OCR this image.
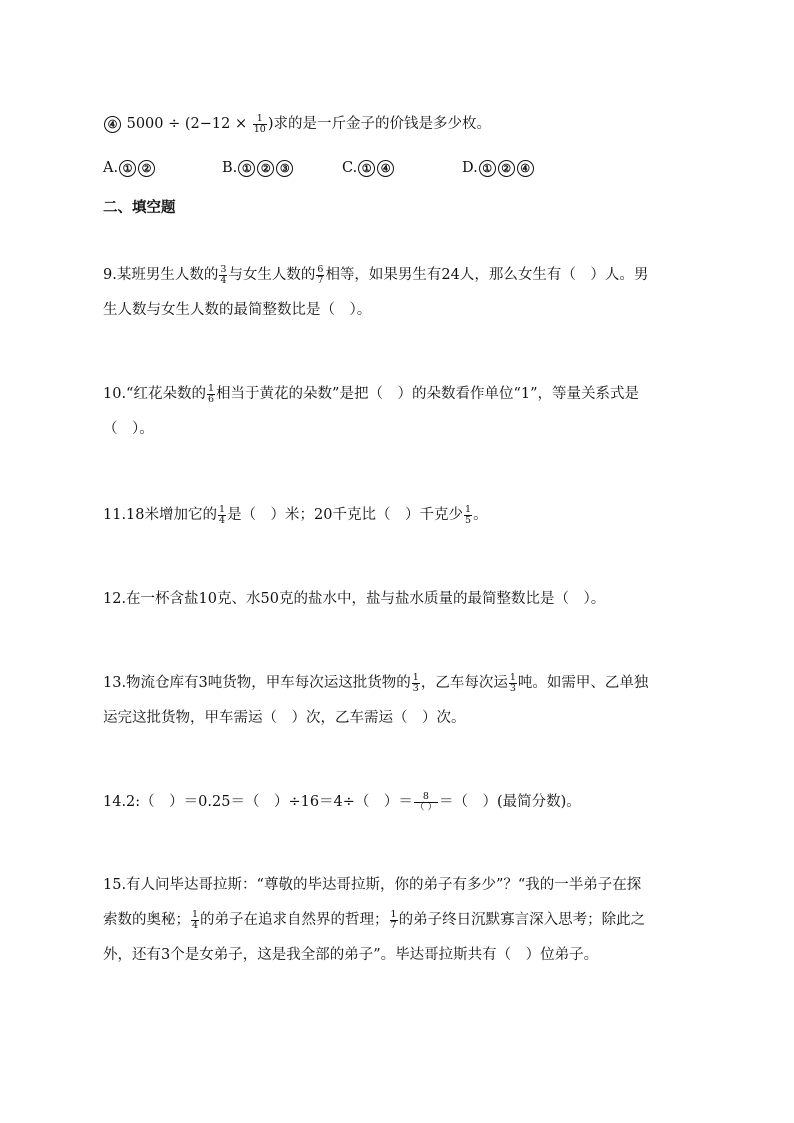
④ $5000 \div (2-12 \times \frac{1}{10}$ )求的是一斤金子的价钱是多少枚。
A. ① ②	B. ① ② ③	C. ① ④	D. ① ② ④
二、填空题
9.某班男生人数的 $\frac{3}{4}$ 与女生人数的 $\frac{6}{7}$ 相等，如果男生有24人，那么女生有（　）人。男
生人数与女生人数的最简整数比是（　）。
10.“红花朵数的 $\frac{1}{6}$ 相当于黄花的朵数”是把（　）的朵数看作单位“1”，等量关系式是
（　）。
11.18米增加它的 $\frac{1}{4}$ 是（　）米；20千克比（　）千克少 $\frac{1}{5}$ 。
12.在一杯含盐10克、水50克的盐水中，盐与盐水质量的最简整数比是（　）。
13.物流仓库有3吨货物，甲车每次运这批货物的 $\frac{1}{3}$ ，乙车每次运 $\frac{1}{3}$ 吨。如需甲、乙单独
运完这批货物，甲车需运（　）次，乙车需运（　）次。
14.2:（　）＝0.25＝（　）÷16＝4÷（　）＝ $\frac{8}{( )}$ ＝（　）(最简分数)。
15.有人问毕达哥拉斯：“尊敬的毕达哥拉斯，你的弟子有多少”？“我的一半弟子在探
索数的奥秘； $\frac{1}{4}$ 的弟子在追求自然界的哲理； $\frac{1}{7}$ 的弟子终日沉默寡言深入思考；除此之
外，还有3个是女弟子，这是我全部的弟子”。毕达哥拉斯共有（　）位弟子。
